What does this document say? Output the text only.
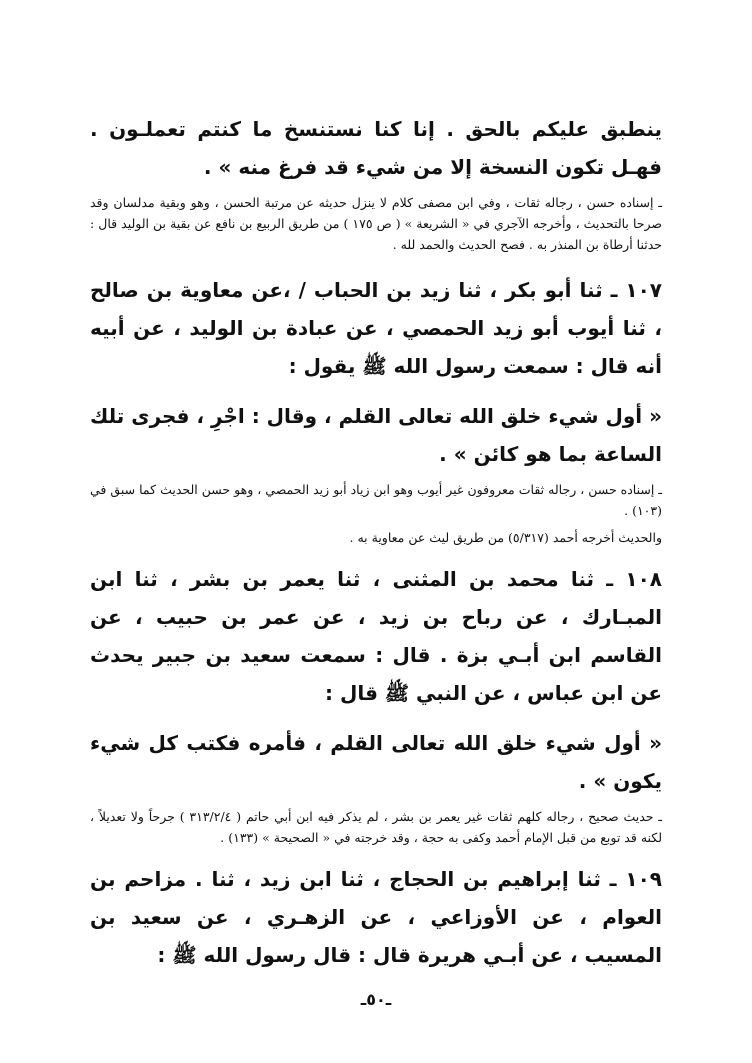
ينطبق عليكم بالحق . إنا كنا نستنسخ ما كنتم تعملـون . فهـل تكون النسخة إلا من شيء قد فرغ منه » .

ـ إسناده حسن ، رجاله ثقات ، وفي ابن مصفى كلام لا ينزل حديثه عن مرتبة الحسن ، وهو وبقية مدلسان وقد صرحا بالتحديث ، وأخرجه الآجري في « الشريعة » ( ص ١٧٥ ) من طريق الربيع بن نافع عن بقية بن الوليد قال : حدثنا أرطاة بن المنذر به . فصح الحديث والحمد لله .

١٠٧ ـ ثنا أبو بكر ، ثنا زيد بن الحباب / ،عن معاوية بن صالح ، ثنا أيوب أبو زيد الحمصي ، عن عبادة بن الوليد ، عن أبيه أنه قال : سمعت رسول الله ﷺ يقول :

« أول شيء خلق الله تعالى القلم ، وقال : اجْرِ ، فجرى تلك الساعة بما هو كائن » .

ـ إسناده حسن ، رجاله ثقات معروفون غير أيوب وهو ابن زياد أبو زيد الحمصي ، وهو حسن الحديث كما سبق في (١٠٣) .

والحديث أخرجه أحمد (٥/٣١٧) من طريق ليث عن معاوية به .

١٠٨ ـ ثنا محمد بن المثنى ، ثنا يعمر بن بشر ، ثنا ابن المبـارك ، عن رباح بن زيد ، عن عمر بن حبيب ، عن القاسم ابن أبـي بزة . قال : سمعت سعيد بن جبير يحدث عن ابن عباس ، عن النبي ﷺ قال :

« أول شيء خلق الله تعالى القلم ، فأمره فكتب كل شيء يكون » .

ـ حديث صحيح ، رجاله كلهم ثقات غير يعمر بن بشر ، لم يذكر فيه ابن أبي حاتم ( ٣١٣/٢/٤ ) جرحاً ولا تعديلاً ، لكنه قد توبع من قبل الإمام أحمد وكفى به حجة ، وقد خرجته في « الصحيحة » (١٣٣) .

١٠٩ ـ ثنا إبراهيم بن الحجاج ، ثنا ابن زيد ، ثنا . مزاحم بن العوام ، عن الأوزاعي ، عن الزهـري ، عن سعيد بن المسيب ، عن أبـي هريرة قال : قال رسول الله ﷺ :

ـ٥٠ـ
